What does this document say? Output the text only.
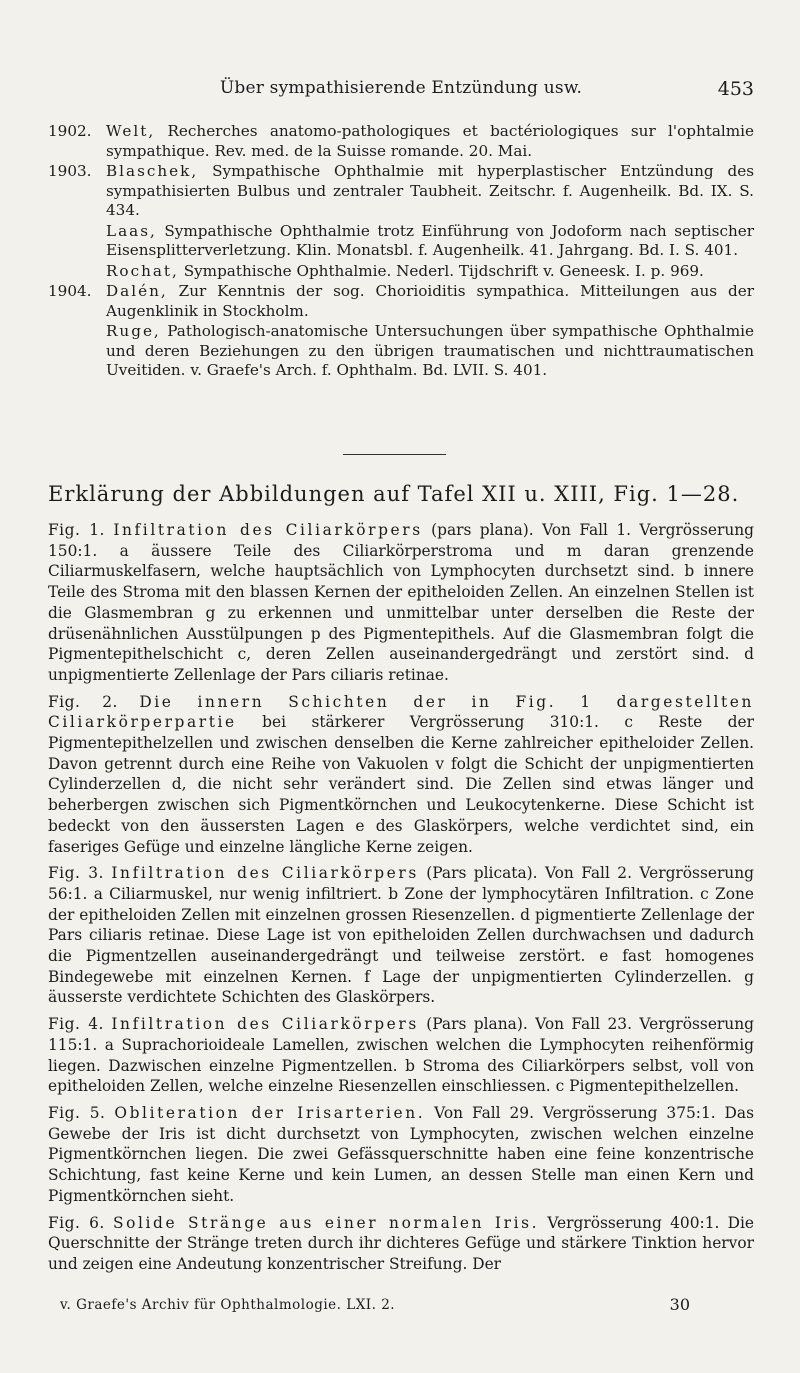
Über sympathisierende Entzündung usw.	453
1902. Welt, Recherches anatomo-pathologiques et bactériologiques sur l'ophtalmie sympathique. Rev. med. de la Suisse romande. 20. Mai.
1903. Blaschek, Sympathische Ophthalmie mit hyperplastischer Entzündung des sympathisierten Bulbus und zentraler Taubheit. Zeitschr. f. Augenheilk. Bd. IX. S. 434.
Laas, Sympathische Ophthalmie trotz Einführung von Jodoform nach septischer Eisensplitterverletzung. Klin. Monatsbl. f. Augenheilk. 41. Jahrgang. Bd. I. S. 401.
Rochat, Sympathische Ophthalmie. Nederl. Tijdschrift v. Geneesk. I. p. 969.
1904. Dalén, Zur Kenntnis der sog. Chorioiditis sympathica. Mitteilungen aus der Augenklinik in Stockholm.
Ruge, Pathologisch-anatomische Untersuchungen über sympathische Ophthalmie und deren Beziehungen zu den übrigen traumatischen und nichttraumatischen Uveitiden. v. Graefe's Arch. f. Ophthalm. Bd. LVII. S. 401.
Erklärung der Abbildungen auf Tafel XII u. XIII, Fig. 1—28.
Fig. 1. Infiltration des Ciliarkörpers (pars plana). Von Fall 1. Vergrösserung 150:1. a äussere Teile des Ciliarkörperstroma und m daran grenzende Ciliarmuskelfasern, welche hauptsächlich von Lymphocyten durchsetzt sind. b innere Teile des Stroma mit den blassen Kernen der epitheloiden Zellen. An einzelnen Stellen ist die Glasmembran g zu erkennen und unmittelbar unter derselben die Reste der drüsenähnlichen Ausstülpungen p des Pigmentepithels. Auf die Glasmembran folgt die Pigmentepithelschicht c, deren Zellen auseinandergedrängt und zerstört sind. d unpigmentierte Zellenlage der Pars ciliaris retinae.
Fig. 2. Die innern Schichten der in Fig. 1 dargestellten Ciliarkörperpartie bei stärkerer Vergrösserung 310:1. c Reste der Pigmentepithelzellen und zwischen denselben die Kerne zahlreicher epitheloider Zellen. Davon getrennt durch eine Reihe von Vakuolen v folgt die Schicht der unpigmentierten Cylinderzellen d, die nicht sehr verändert sind. Die Zellen sind etwas länger und beherbergen zwischen sich Pigmentkörnchen und Leukocytenkerne. Diese Schicht ist bedeckt von den äussersten Lagen e des Glaskörpers, welche verdichtet sind, ein faseriges Gefüge und einzelne längliche Kerne zeigen.
Fig. 3. Infiltration des Ciliarkörpers (Pars plicata). Von Fall 2. Vergrösserung 56:1. a Ciliarmuskel, nur wenig infiltriert. b Zone der lymphocytären Infiltration. c Zone der epitheloiden Zellen mit einzelnen grossen Riesenzellen. d pigmentierte Zellenlage der Pars ciliaris retinae. Diese Lage ist von epitheloiden Zellen durchwachsen und dadurch die Pigmentzellen auseinandergedrängt und teilweise zerstört. e fast homogenes Bindegewebe mit einzelnen Kernen. f Lage der unpigmentierten Cylinderzellen. g äusserste verdichtete Schichten des Glaskörpers.
Fig. 4. Infiltration des Ciliarkörpers (Pars plana). Von Fall 23. Vergrösserung 115:1. a Suprachorioideale Lamellen, zwischen welchen die Lymphocyten reihenförmig liegen. Dazwischen einzelne Pigmentzellen. b Stroma des Ciliarkörpers selbst, voll von epitheloiden Zellen, welche einzelne Riesenzellen einschliessen. c Pigmentepithelzellen.
Fig. 5. Obliteration der Irisarterien. Von Fall 29. Vergrösserung 375:1. Das Gewebe der Iris ist dicht durchsetzt von Lymphocyten, zwischen welchen einzelne Pigmentkörnchen liegen. Die zwei Gefässquerschnitte haben eine feine konzentrische Schichtung, fast keine Kerne und kein Lumen, an dessen Stelle man einen Kern und Pigmentkörnchen sieht.
Fig. 6. Solide Stränge aus einer normalen Iris. Vergrösserung 400:1. Die Querschnitte der Stränge treten durch ihr dichteres Gefüge und stärkere Tinktion hervor und zeigen eine Andeutung konzentrischer Streifung. Der
v. Graefe's Archiv für Ophthalmologie. LXI. 2.	30
